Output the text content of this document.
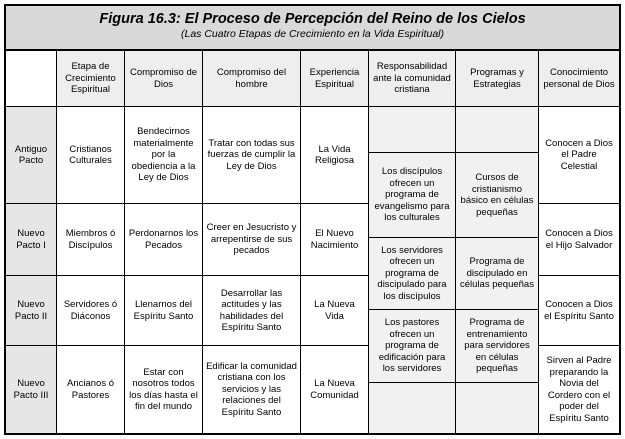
Figura 16.3: El Proceso de Percepción del Reino de los Cielos
(Las Cuatro Etapas de Crecimiento en la Vida Espiritual)
Etapa de Crecimiento Espiritual
Compromiso de Dios
Compromiso del hombre
Experiencia Espiritual
Responsabilidad ante la comunidad cristiana
Programas y Estrategias
Conocimiento personal de Dios
Antiguo Pacto
Cristianos Culturales
Bendecirnos materialmente por la obediencia a la Ley de Dios
Tratar con todas sus fuerzas de cumplir la Ley de Dios
La Vida Religiosa
Conocen a Dios el Padre Celestial
Nuevo Pacto I
Miembros ó Discípulos
Perdonarnos los Pecados
Creer en Jesucristo y arrepentirse de sus pecados
El Nuevo Nacimiento
Conocen a Dios el Hijo Salvador
Nuevo Pacto II
Servidores ó Diáconos
Llenarnos del Espíritu Santo
Desarrollar las actitudes y las habilidades del Espíritu Santo
La Nueva Vida
Conocen a Dios el Espíritu Santo
Nuevo Pacto III
Ancianos ó Pastores
Estar con nosotros todos los días hasta el fin del mundo
Edificar la comunidad cristiana con los servicios y las relaciones del Espíritu Santo
La Nueva Comunidad
Sirven al Padre preparando la Novia del Cordero con el poder del Espíritu Santo
Los discípulos ofrecen un programa de evangelismo para los culturales
Cursos de cristianismo básico en células pequeñas
Los servidores ofrecen un programa de discipulado para los discípulos
Programa de discipulado en células pequeñas
Los pastores ofrecen un programa de edificación para los servidores
Programa de entrenamiento para servidores en células pequeñas
